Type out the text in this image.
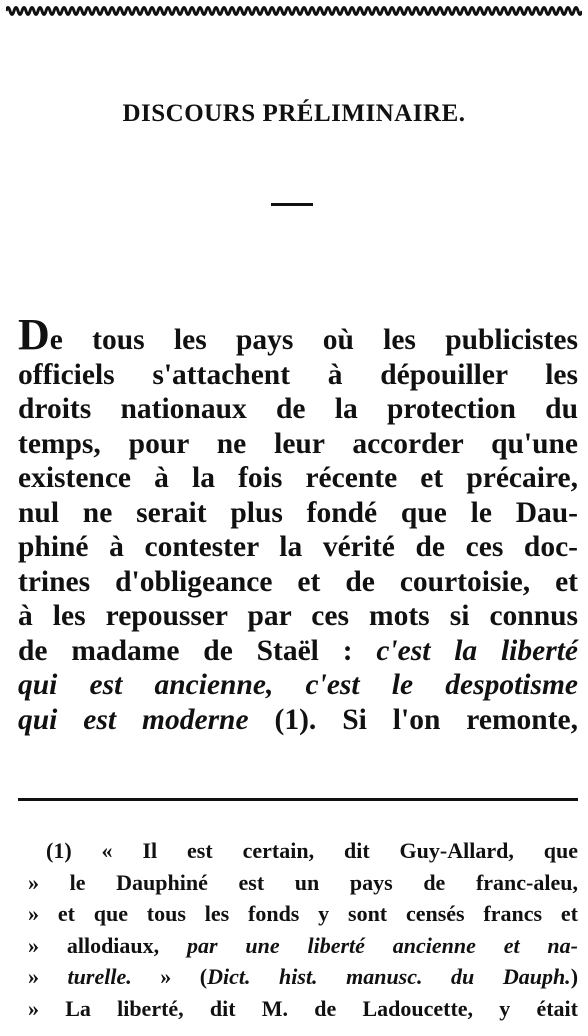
DISCOURS PRÉLIMINAIRE.
De tous les pays où les publicistes
officiels s'attachent à dépouiller les
droits nationaux de la protection du
temps, pour ne leur accorder qu'une
existence à la fois récente et précaire,
nul ne serait plus fondé que le Dau-
phiné à contester la vérité de ces doc-
trines d'obligeance et de courtoisie, et
à les repousser par ces mots si connus
de madame de Staël : c'est la liberté
qui est ancienne, c'est le despotisme
qui est moderne (1). Si l'on remonte,
(1) « Il est certain, dit Guy-Allard, que
» le Dauphiné est un pays de franc-aleu,
» et que tous les fonds y sont censés francs et
» allodiaux, par une liberté ancienne et na-
» turelle. » (Dict. hist. manusc. du Dauph.)
» La liberté, dit M. de Ladoucette, y était
